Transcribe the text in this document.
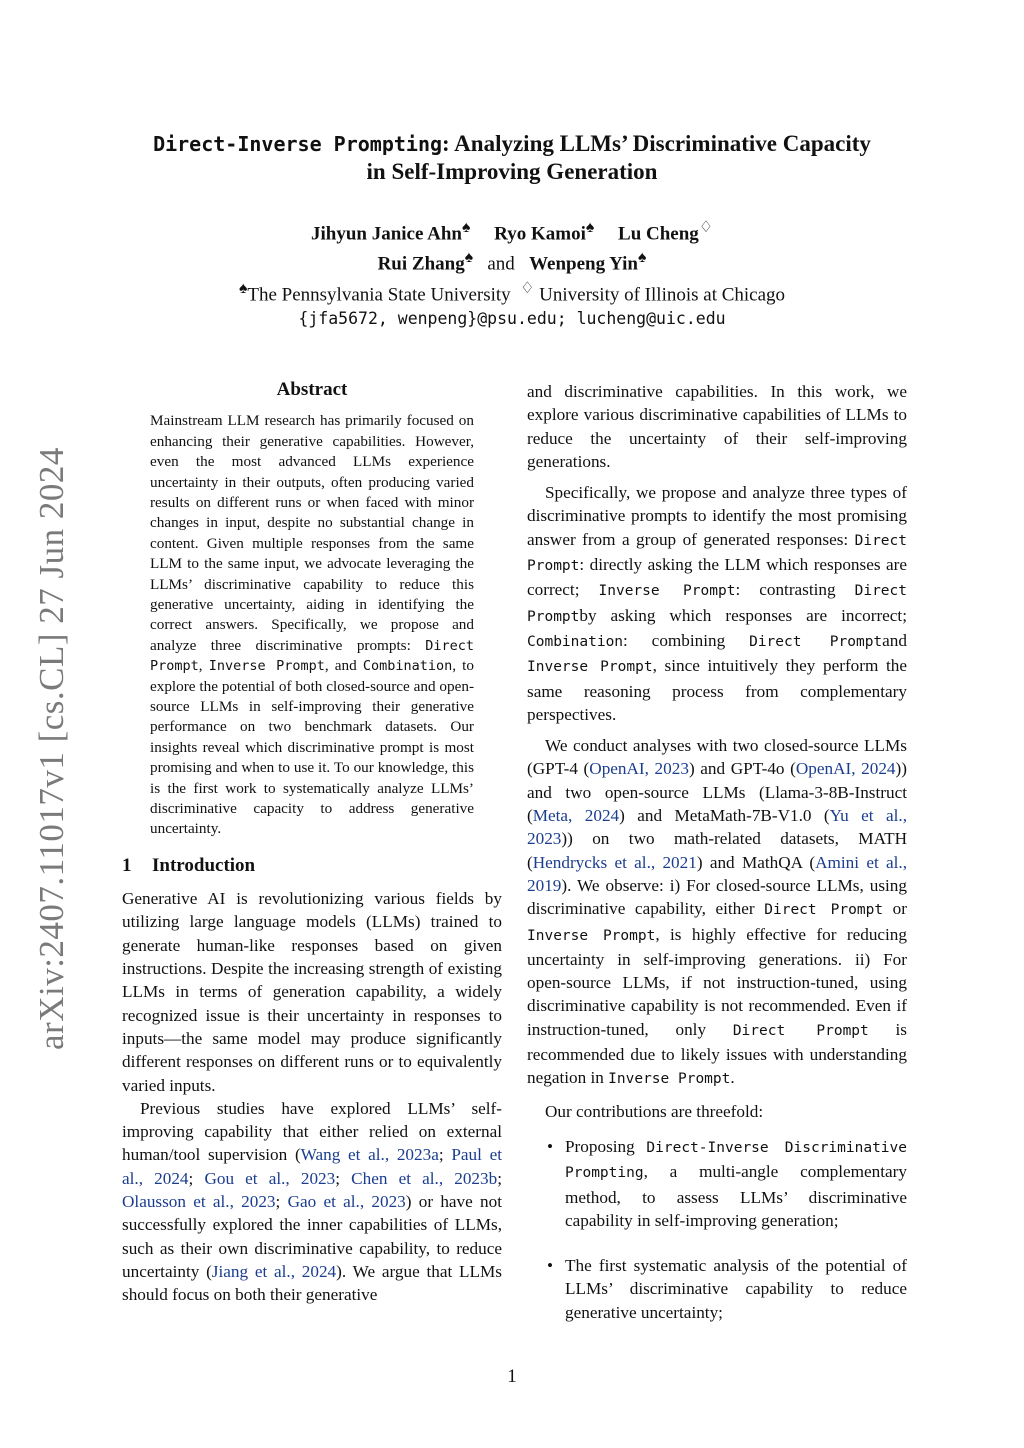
arXiv:2407.11017v1 [cs.CL] 27 Jun 2024
Direct-Inverse Prompting: Analyzing LLMs’ Discriminative Capacity
in Self-Improving Generation
Jihyun Janice Ahn♠ Ryo Kamoi♠ Lu Cheng♢
Rui Zhang♠ and Wenpeng Yin♠
♠The Pennsylvania State University ♢ University of Illinois at Chicago
{jfa5672, wenpeng}@psu.edu; lucheng@uic.edu
Abstract
Mainstream LLM research has primarily focused on enhancing their generative capabilities. However, even the most advanced LLMs experience uncertainty in their outputs, often producing varied results on different runs or when faced with minor changes in input, despite no substantial change in content. Given multiple responses from the same LLM to the same input, we advocate leveraging the LLMs’ discriminative capability to reduce this generative uncertainty, aiding in identifying the correct answers. Specifically, we propose and analyze three discriminative prompts: Direct Prompt, Inverse Prompt, and Combination, to explore the potential of both closed-source and open-source LLMs in self-improving their generative performance on two benchmark datasets. Our insights reveal which discriminative prompt is most promising and when to use it. To our knowledge, this is the first work to systematically analyze LLMs’ discriminative capacity to address generative uncertainty.
1 Introduction

Generative AI is revolutionizing various fields by utilizing large language models (LLMs) trained to generate human-like responses based on given instructions. Despite the increasing strength of existing LLMs in terms of generation capability, a widely recognized issue is their uncertainty in responses to inputs—the same model may produce significantly different responses on different runs or to equivalently varied inputs.

Previous studies have explored LLMs’ self-improving capability that either relied on external human/tool supervision (Wang et al., 2023a; Paul et al., 2024; Gou et al., 2023; Chen et al., 2023b; Olausson et al., 2023; Gao et al., 2023) or have not successfully explored the inner capabilities of LLMs, such as their own discriminative capability, to reduce uncertainty (Jiang et al., 2024). We argue that LLMs should focus on both their generative

and discriminative capabilities. In this work, we explore various discriminative capabilities of LLMs to reduce the uncertainty of their self-improving generations.

Specifically, we propose and analyze three types of discriminative prompts to identify the most promising answer from a group of generated responses: Direct Prompt: directly asking the LLM which responses are correct; Inverse Prompt: contrasting Direct Promptby asking which responses are incorrect; Combination: combining Direct Promptand Inverse Prompt, since intuitively they perform the same reasoning process from complementary perspectives.

We conduct analyses with two closed-source LLMs (GPT-4 (OpenAI, 2023) and GPT-4o (OpenAI, 2024)) and two open-source LLMs (Llama-3-8B-Instruct (Meta, 2024) and MetaMath-7B-V1.0 (Yu et al., 2023)) on two math-related datasets, MATH (Hendrycks et al., 2021) and MathQA (Amini et al., 2019). We observe: i) For closed-source LLMs, using discriminative capability, either Direct Prompt or Inverse Prompt, is highly effective for reducing uncertainty in self-improving generations. ii) For open-source LLMs, if not instruction-tuned, using discriminative capability is not recommended. Even if instruction-tuned, only Direct Prompt is recommended due to likely issues with understanding negation in Inverse Prompt.

Our contributions are threefold:

• Proposing Direct-Inverse Discriminative Prompting, a multi-angle complementary method, to assess LLMs’ discriminative capability in self-improving generation;
• The first systematic analysis of the potential of LLMs’ discriminative capability to reduce generative uncertainty;
1
